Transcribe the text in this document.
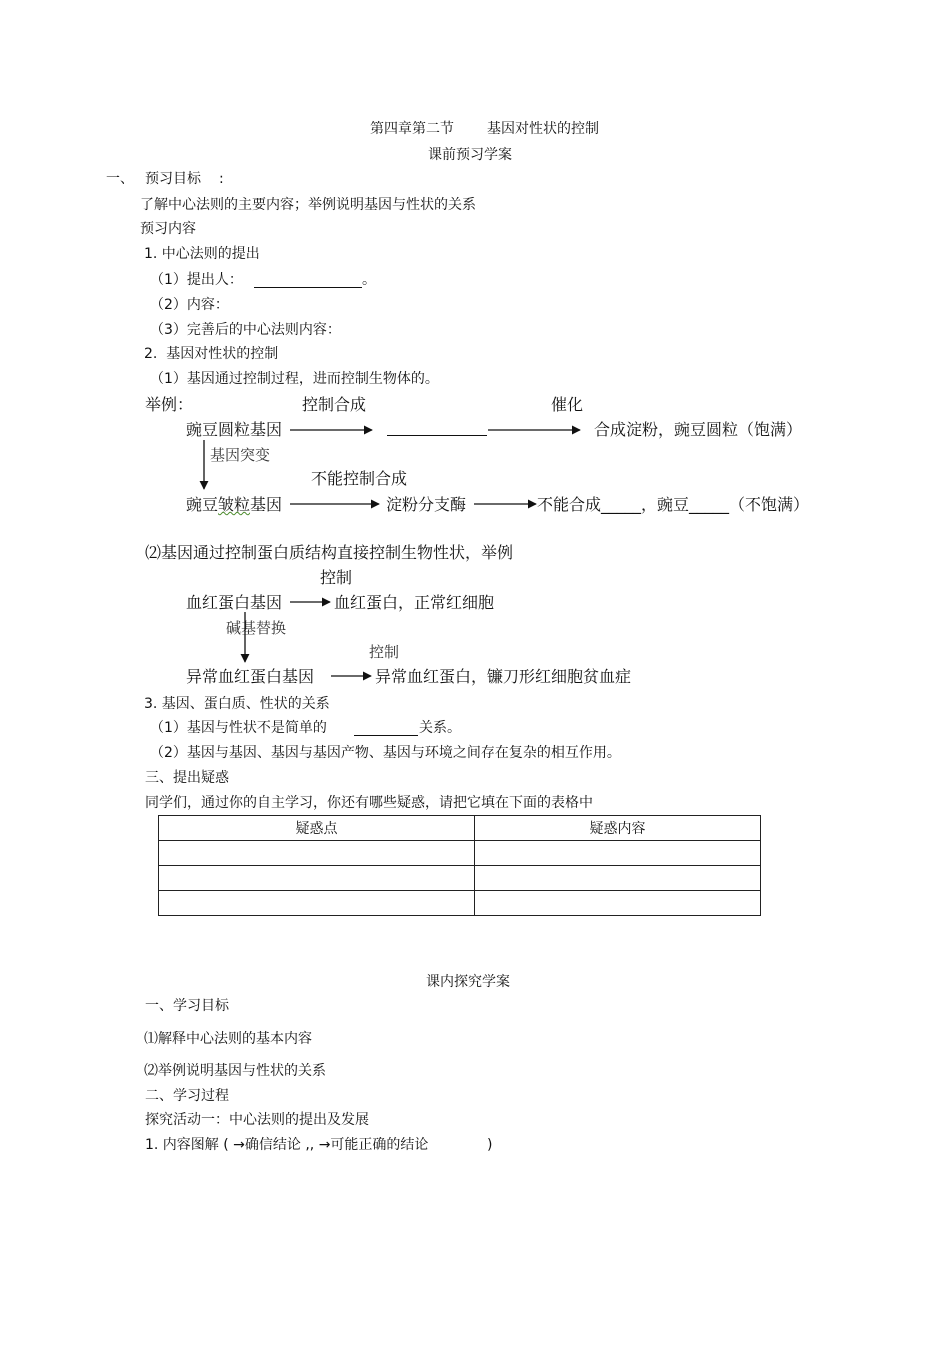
第四章第二节 基因对性状的控制
课前预习学案
一、 预习目标 :
了解中心法则的主要内容；举例说明基因与性状的关系
预习内容
1. 中心法则的提出
（1）提出人：	。
（2）内容：
（3）完善后的中心法则内容：
2.  基因对性状的控制
（1）基因通过控制过程，进而控制生物体的。
举例：	控制合成	催化
豌豆圆粒基因	合成淀粉，豌豆圆粒（饱满）
基因突变
不能控制合成
豌豆皱粒基因	淀粉分支酶	不能合成_____，豌豆_____（不饱满）
⑵基因通过控制蛋白质结构直接控制生物性状，举例
控制
血红蛋白基因	血红蛋白，正常红细胞
碱基替换
控制
异常血红蛋白基因	异常血红蛋白，镰刀形红细胞贫血症
3. 基因、蛋白质、性状的关系
（1）基因与性状不是简单的	关系。
（2）基因与基因、基因与基因产物、基因与环境之间存在复杂的相互作用。
三、提出疑惑
同学们，通过你的自主学习，你还有哪些疑惑，请把它填在下面的表格中
疑惑点	疑惑内容

课内探究学案
一、学习目标
⑴解释中心法则的基本内容
⑵举例说明基因与性状的关系
二、学习过程
探究活动一：中心法则的提出及发展
1. 内容图解 ( →确信结论 ,, →可能正确的结论	)
